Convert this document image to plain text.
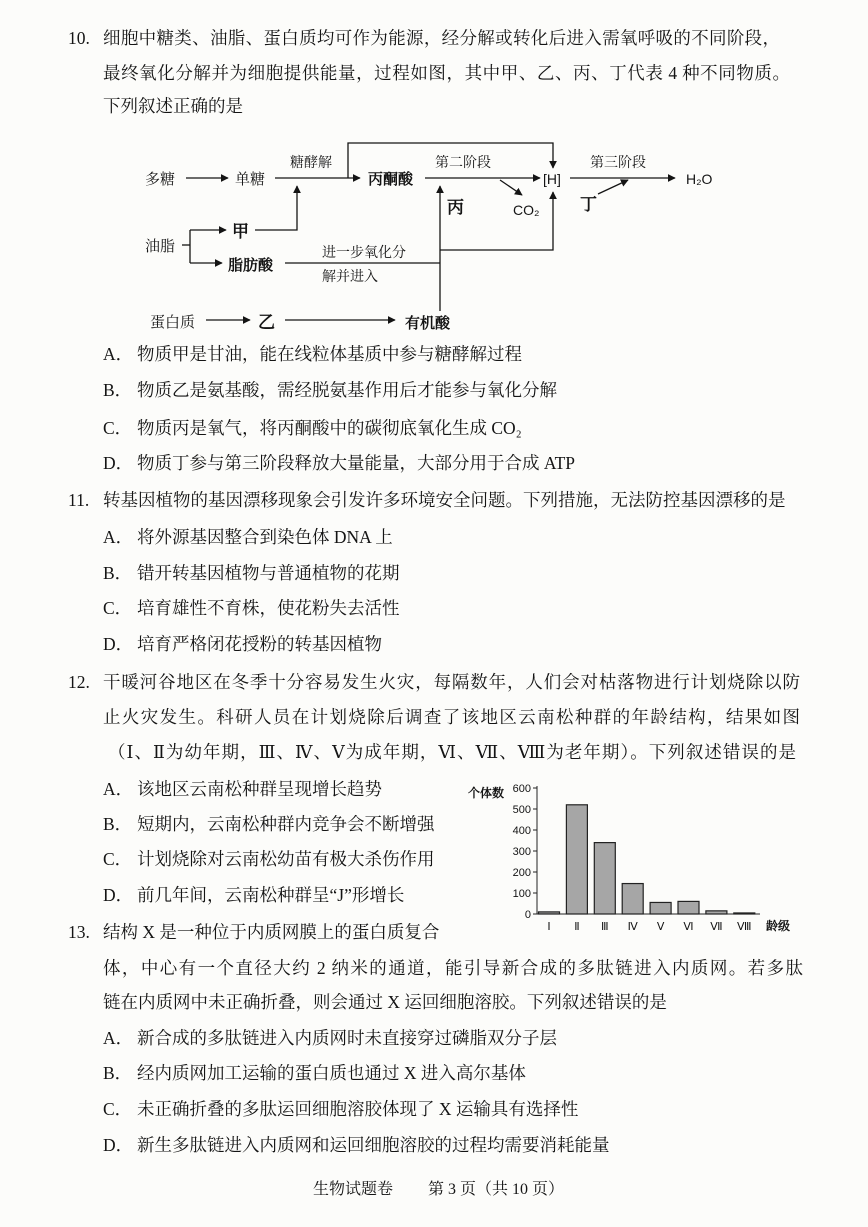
10. 细胞中糖类、油脂、蛋白质均可作为能源，经分解或转化后进入需氧呼吸的不同阶段，
最终氧化分解并为细胞提供能量，过程如图，其中甲、乙、丙、丁代表 4 种不同物质。
下列叙述正确的是
多糖	单糖
糖酵解
丙酮酸
第二阶段
CO₂
丙
[H]
第三阶段
丁
H₂O
油脂
甲
脂肪酸
进一步氧化分
解并进入
蛋白质	乙	有机酸
A． 物质甲是甘油，能在线粒体基质中参与糖酵解过程
B． 物质乙是氨基酸，需经脱氨基作用后才能参与氧化分解
C． 物质丙是氧气，将丙酮酸中的碳彻底氧化生成 CO₂
D． 物质丁参与第三阶段释放大量能量，大部分用于合成 ATP
11. 转基因植物的基因漂移现象会引发许多环境安全问题。下列措施，无法防控基因漂移的是
A． 将外源基因整合到染色体 DNA 上
B． 错开转基因植物与普通植物的花期
C． 培育雄性不育株，使花粉失去活性
D． 培育严格闭花授粉的转基因植物
12. 干暖河谷地区在冬季十分容易发生火灾，每隔数年，人们会对枯落物进行计划烧除以防
止火灾发生。科研人员在计划烧除后调查了该地区云南松种群的年龄结构，结果如图
（Ⅰ、Ⅱ为幼年期，Ⅲ、Ⅳ、Ⅴ为成年期，Ⅵ、Ⅶ、Ⅷ为老年期）。下列叙述错误的是
A． 该地区云南松种群呈现增长趋势
B． 短期内，云南松种群内竞争会不断增强
C． 计划烧除对云南松幼苗有极大杀伤作用
D． 前几年间，云南松种群呈“J”形增长
个体数
龄级
0
100
200
300
400
500
600
Ⅰ Ⅱ Ⅲ Ⅳ Ⅴ Ⅵ Ⅶ Ⅷ
13. 结构 X 是一种位于内质网膜上的蛋白质复合
体，中心有一个直径大约 2 纳米的通道，能引导新合成的多肽链进入内质网。若多肽
链在内质网中未正确折叠，则会通过 X 运回细胞溶胶。下列叙述错误的是
A． 新合成的多肽链进入内质网时未直接穿过磷脂双分子层
B． 经内质网加工运输的蛋白质也通过 X 进入高尔基体
C． 未正确折叠的多肽运回细胞溶胶体现了 X 运输具有选择性
D． 新生多肽链进入内质网和运回细胞溶胶的过程均需要消耗能量
生物试题卷 第 3 页（共 10 页）
